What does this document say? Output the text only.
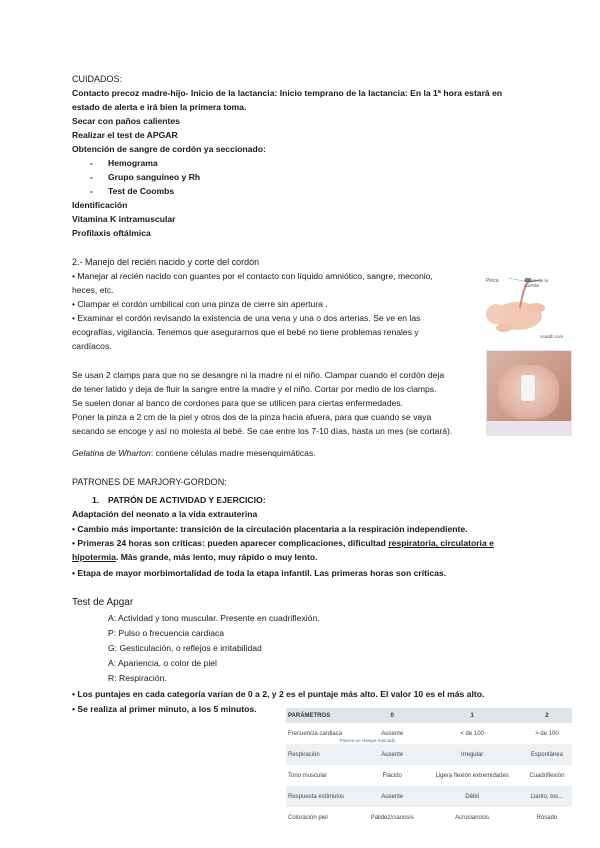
CUIDADOS:
Contacto precoz madre-hijo- Inicio de la lactancia: Inicio temprano de la lactancia: En la 1ª hora estará en
estado de alerta e irá bien la primera toma.
Secar con paños calientes
Realizar el test de APGAR
Obtención de sangre de cordón ya seccionado:
- Hemograma
- Grupo sanguíneo y Rh
- Test de Coombs
Identificación
Vitamina K intramuscular
Profilaxis oftálmica
2.- Manejo del recién nacido y corte del cordón
• Manejar al recién nacido con guantes por el contacto con líquido amniótico, sangre, meconio,
heces, etc.
• Clampar el cordón umbilical con una pinza de cierre sin apertura .
• Examinar el cordón revisando la existencia de una vena y una o dos arterias. Se ve en las
ecografías, vigilancia. Tenemos que asegurarnos que el bebé no tiene problemas renales y
cardíacos.
Se usan 2 clamps para que no se desangre ni la madre ni el niño. Clampar cuando el cordón deja
de tener latido y deja de fluir la sangre entre la madre y el niño. Cortar por medio de los clamps.
Se suelen donar al banco de cordones para que se utilicen para ciertas enfermedades.
Poner la pinza a 2 cm de la piel y otros dos de la pinza hacia afuera, para que cuando se vaya
secando se encoge y así no molesta al bebé. Se cae entre los 7-10 días, hasta un mes (se cortará).
Gelatina de Wharton: contiene células madre mesenquimáticas.
Pinza	agarre de la cuchilla
ncaatb.com
PATRONES DE MARJORY-GORDON:
1. PATRÓN DE ACTIVIDAD Y EJERCICIO:
Adaptación del neonato a la vida extrauterina
• Cambio más importante: transición de la circulación placentaria a la respiración independiente.
• Primeras 24 horas son críticas: pueden aparecer complicaciones, dificultad respiratoria, circulatoria e
hipotermia. Más grande, más lento, muy rápido o muy lento.
• Etapa de mayor morbimortalidad de toda la etapa infantil. Las primeras horas son críticas.
Test de Apgar
A: Actividad y tono muscular. Presente en cuadriflexión.
P: Pulso o frecuencia cardiaca
G: Gesticulación, o reflejos e irritabilidad
A: Apariencia, o color de piel
R: Respiración.
• Los puntajes en cada categoría varían de 0 a 2, y 2 es el puntaje más alto. El valor 10 es el más alto.
• Se realiza al primer minuto, a los 5 minutos.
PARÁMETROS	0	1	2
Frecuencia cardiaca	Ausente	< de 100	> de 100
Respiración	Ausente	Irregular	Espontánea
Tono muscular	Flácido	Ligera flexión extremidades	Cuadriflexión
Respuesta estímulos	Ausente	Débil	Llanto, tos...
Coloración piel	Palidez/cianosis	Acrocianosis	Rosado
Parece un cheque marcado
